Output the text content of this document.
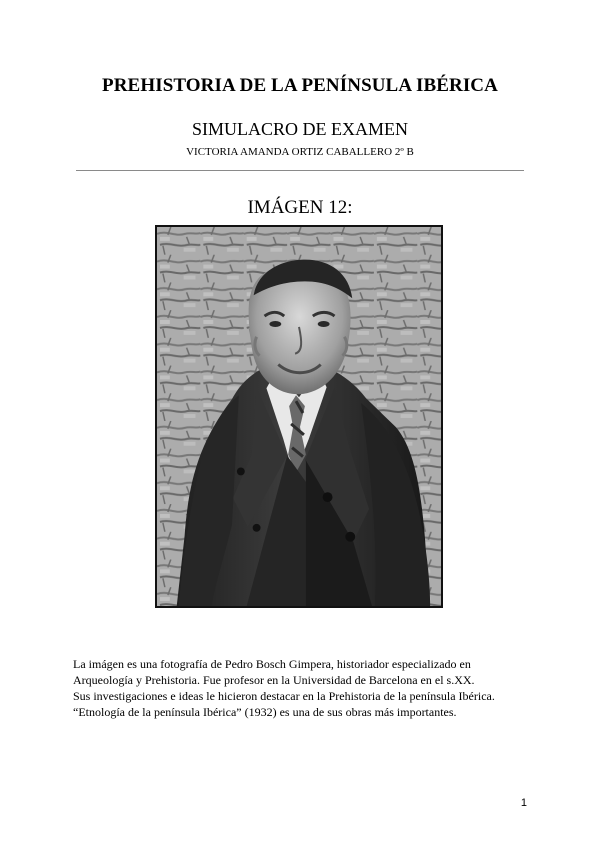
PREHISTORIA DE LA PENÍNSULA IBÉRICA
SIMULACRO DE EXAMEN
VICTORIA AMANDA ORTIZ CABALLERO 2º B
IMÁGEN 12:

La imágen es una fotografía de Pedro Bosch Gimpera, historiador especializado en

Arqueología y Prehistoria. Fue profesor en la Universidad de Barcelona en el s.XX.

Sus investigaciones e ideas le hicieron destacar en la Prehistoria de la península Ibérica.

“Etnología de la península Ibérica” (1932) es una de sus obras más importantes.

1
